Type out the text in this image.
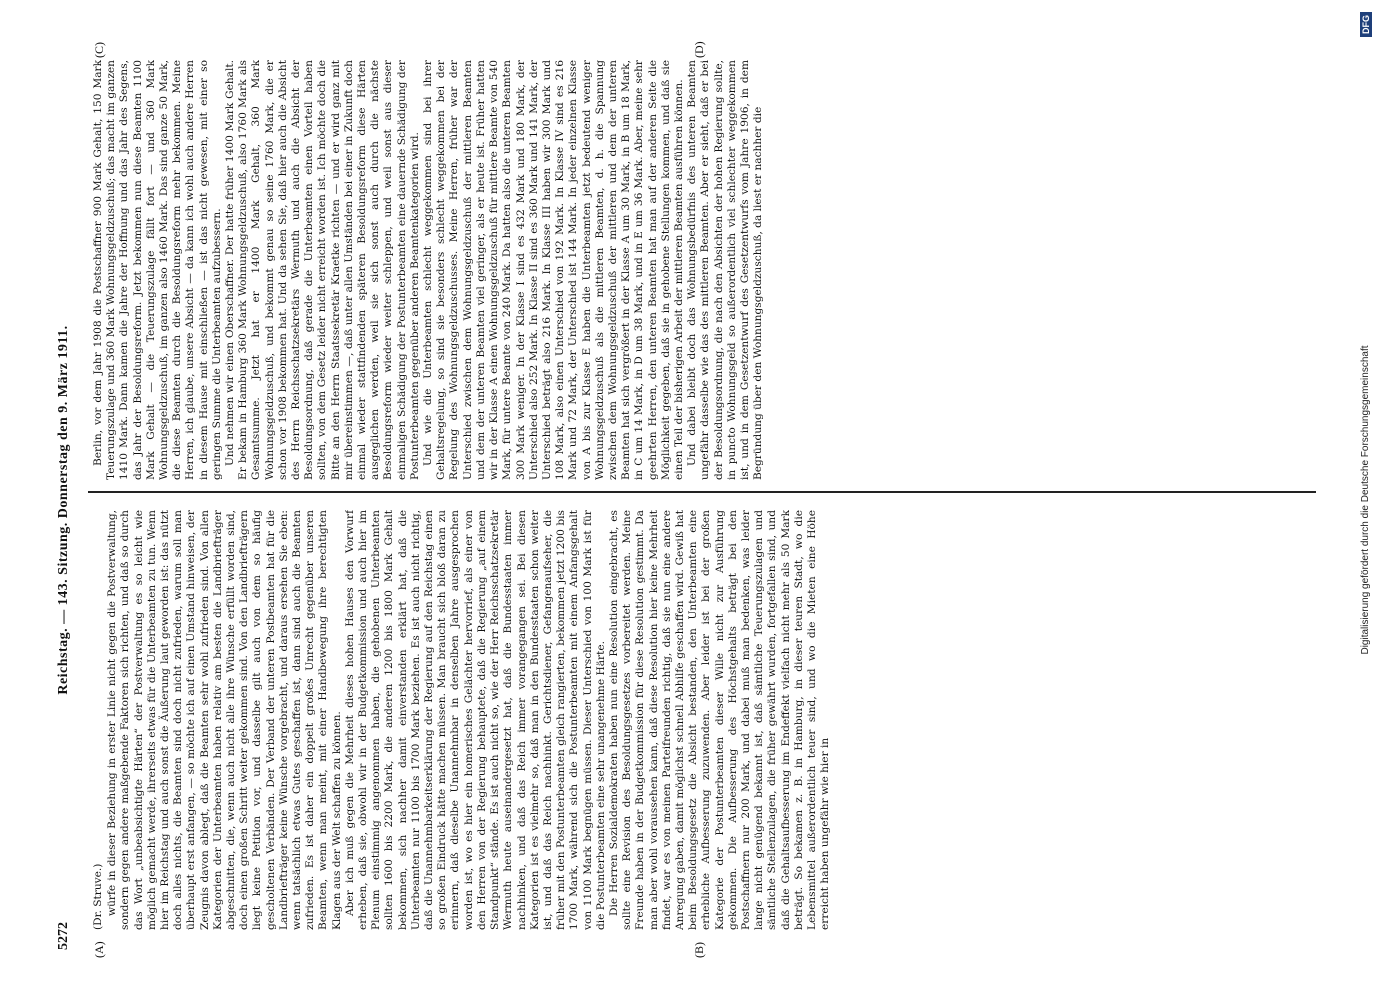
5272
Reichstag. — 143. Sitzung. Donnerstag den 9. März 1911.
(A)	(B)
(C)	(D)
(Dr. Struve.) würfe in dieser Beziehung in erster Linie nicht gegen die Postverwaltung, sondern gegen andere maßgebende Faktoren sich richten, und daß so durch das Wort „unbeabsichtigte Härten“ der Postverwaltung es so leicht wie möglich gemacht werde, ihrerseits etwas für die Unterbeamten zu tun. Wenn hier im Reichstag und auch sonst die Äußerung laut geworden ist: das nützt doch alles nichts, die Beamten sind doch nicht zufrieden, warum soll man überhaupt erst anfangen, — so möchte ich auf einen Umstand hinweisen, der Zeugnis davon ablegt, daß die Beamten sehr wohl zufrieden sind. Von allen Kategorien der Unterbeamten haben relativ am besten die Landbriefträger abgeschnitten, die, wenn auch nicht alle ihre Wünsche erfüllt worden sind, doch einen großen Schritt weiter gekommen sind. Von den Landbriefträgern liegt keine Petition vor, und dasselbe gilt auch von dem so häufig gescholtenen Verbänden. Der Verband der unteren Postbeamten hat für die Landbriefträger keine Wünsche vorgebracht, und daraus ersehen Sie eben: wenn tatsächlich etwas Gutes geschaffen ist, dann sind auch die Beamten zufrieden. Es ist daher ein doppelt großes Unrecht gegenüber unseren Beamten, wenn man meint, mit einer Handbewegung ihre berechtigten Klagen aus der Welt schaffen zu können. Aber ich muß gegen die Mehrheit dieses hohen Hauses den Vorwurf erheben, daß sie, obwohl wir in der Budgetkommission und auch hier im Plenum einstimmig angenommen haben, die gehobenen Unterbeamten sollten 1600 bis 2200 Mark, die anderen 1200 bis 1800 Mark Gehalt bekommen, sich nachher damit einverstanden erklärt hat, daß die Unterbeamten nur 1100 bis 1700 Mark beziehen. Es ist auch nicht richtig, daß die Unannehmbarkeitserklärung der Regierung auf den Reichstag einen so großen Eindruck hätte machen müssen. Man braucht sich bloß daran zu erinnern, daß dieselbe Unannehmbar in denselben Jahre ausgesprochen worden ist, wo es hier ein homerisches Gelächter hervorrief, als einer von den Herren von der Regierung behauptete, daß die Regierung „auf einem Standpunkt“ stände. Es ist auch nicht so, wie der Herr Reichsschatzsekretär Wermuth heute auseinandergesetzt hat, daß die Bundesstaaten immer nachhinken, und daß das Reich immer vorangegangen sei. Bei diesen Kategorien ist es vielmehr so, daß man in den Bundesstaaten schon weiter ist, und daß das Reich nachhinkt. Gerichtsdiener, Gefangenaufseher, die früher mit den Postunterbeamten gleich rangierten, bekommen jetzt 1200 bis 1700 Mark, während sich die Postunterbeamten mit einem Anfangsgehalt von 1100 Mark begnügen müssen. Dieser Unterschied von 100 Mark ist für die Postunterbeamten eine sehr unangenehme Härte. Die Herren Sozialdemokraten haben nun eine Resolution eingebracht, es sollte eine Revision des Besoldungsgesetzes vorbereitet werden. Meine Freunde haben in der Budgetkommission für diese Resolution gestimmt. Da man aber wohl voraussehen kann, daß diese Resolution hier keine Mehrheit findet, war es von meinen Parteifreunden richtig, daß sie nun eine andere Anregung gaben, damit möglichst schnell Abhilfe geschaffen wird. Gewiß hat beim Besoldungsgesetz die Absicht bestanden, den Unterbeamten eine erhebliche Aufbesserung zuzuwenden. Aber leider ist bei der großen Kategorie der Postunterbeamten dieser Wille nicht zur Ausführung gekommen. Die Aufbesserung des Höchstgehalts beträgt bei den Postschaffnern nur 200 Mark, und dabei muß man bedenken, was leider lange nicht genügend bekannt ist, daß sämtliche Teuerungszulagen und sämtliche Stellenzulagen, die früher gewährt wurden, fortgefallen sind, und daß die Gehaltsaufbesserung im Endeffekt vielfach nicht mehr als 50 Mark beträgt. So bekamen z. B. in Hamburg, in dieser teuren Stadt, wo die Lebensmittel außerordentlich teuer sind, und wo die Mieten eine Höhe erreicht haben ungefähr wie hier in

Berlin, vor dem Jahr 1908 die Postschaffner 900 Mark Gehalt, 150 Mark Teuerungszulage und 360 Mark Wohnungsgeldzuschuß; das macht im ganzen 1410 Mark. Dann kamen die Jahre der Hoffnung und das Jahr des Segens, das Jahr der Besoldungsreform. Jetzt bekommen nun diese Beamten 1100 Mark Gehalt — die Teuerungszulage fällt fort — und 360 Mark Wohnungsgeldzuschuß, im ganzen also 1460 Mark. Das sind ganze 50 Mark, die diese Beamten durch die Besoldungsreform mehr bekommen. Meine Herren, ich glaube, unsere Absicht — da kann ich wohl auch andere Herren in diesem Hause mit einschließen — ist das nicht gewesen, mit einer so geringen Summe die Unterbeamten aufzubessern. Und nehmen wir einen Oberschaffner. Der hatte früher 1400 Mark Gehalt. Er bekam in Hamburg 360 Mark Wohnungsgeldzuschuß, also 1760 Mark als Gesamtsumme. Jetzt hat er 1400 Mark Gehalt, 360 Mark Wohnungsgeldzuschuß, und bekommt genau so seine 1760 Mark, die er schon vor 1908 bekommen hat. Und da sehen Sie, daß hier auch die Absicht des Herrn Reichsschatzsekretärs Wermuth und auch die Absicht der Besoldungsordnung, daß gerade die Unterbeamten einen Vorteil haben sollten, von dem Gesetz leider nicht erreicht worden ist. Ich möchte doch die Bitte an den Herrn Staatssekretär Kraetke richten — und er wird ganz mit mir übereinstimmen —, daß unter allen Umständen bei einer in Zukunft doch einmal wieder stattfindenden späteren Besoldungsreform diese Härten ausgeglichen werden, weil sie sich sonst auch durch die nächste Besoldungsreform wieder weiter schleppen, und weil sonst aus dieser einmaligen Schädigung der Postunterbeamten eine dauernde Schädigung der Postunterbeamten gegenüber anderen Beamtenkategorien wird. Und wie die Unterbeamten schlecht weggekommen sind bei ihrer Gehaltsregelung, so sind sie besonders schlecht weggekommen bei der Regelung des Wohnungsgeldzuschusses. Meine Herren, früher war der Unterschied zwischen dem Wohnungsgeldzuschuß der mittleren Beamten und dem der unteren Beamten viel geringer, als er heute ist. Früher hatten wir in der Klasse A einen Wohnungsgeldzuschuß für mittlere Beamte von 540 Mark, für untere Beamte von 240 Mark. Da hatten also die unteren Beamten 300 Mark weniger. In der Klasse I sind es 432 Mark und 180 Mark, der Unterschied also 252 Mark. In Klasse II sind es 360 Mark und 141 Mark, der Unterschied beträgt also 216 Mark. In Klasse III haben wir 300 Mark und 108 Mark, also einen Unterschied von 192 Mark. In Klasse IV sind es 216 Mark und 72 Mark, der Unterschied ist 144 Mark. In jeder einzelnen Klasse von A bis zur Klasse E haben die Unterbeamten jetzt bedeutend weniger Wohnungsgeldzuschuß als die mittleren Beamten, d. h. die Spannung zwischen dem Wohnungsgeldzuschuß der mittleren und dem der unteren Beamten hat sich vergrößert in der Klasse A um 30 Mark, in B um 18 Mark, in C um 14 Mark, in D um 38 Mark, und in E um 36 Mark. Aber, meine sehr geehrten Herren, den unteren Beamten hat man auf der anderen Seite die Möglichkeit gegeben, daß sie in gehobene Stellungen kommen, und daß sie einen Teil der bisherigen Arbeit der mittleren Beamten ausführen können. Und dabei bleibt doch das Wohnungsbedürfnis des unteren Beamten ungefähr dasselbe wie das des mittleren Beamten. Aber er sieht, daß er bei der Besoldungsordnung, die nach den Absichten der hohen Regierung sollte, in puncto Wohnungsgeld so außerordentlich viel schlechter weggekommen ist, und in dem Gesetzentwurf des Gesetzentwurfs vom Jahre 1906, in dem Begründung über den Wohnungsgeldzuschuß, da liest er nachher die

Digitalisierung gefördert durch die Deutsche Forschungsgemeinschaft
DFG
